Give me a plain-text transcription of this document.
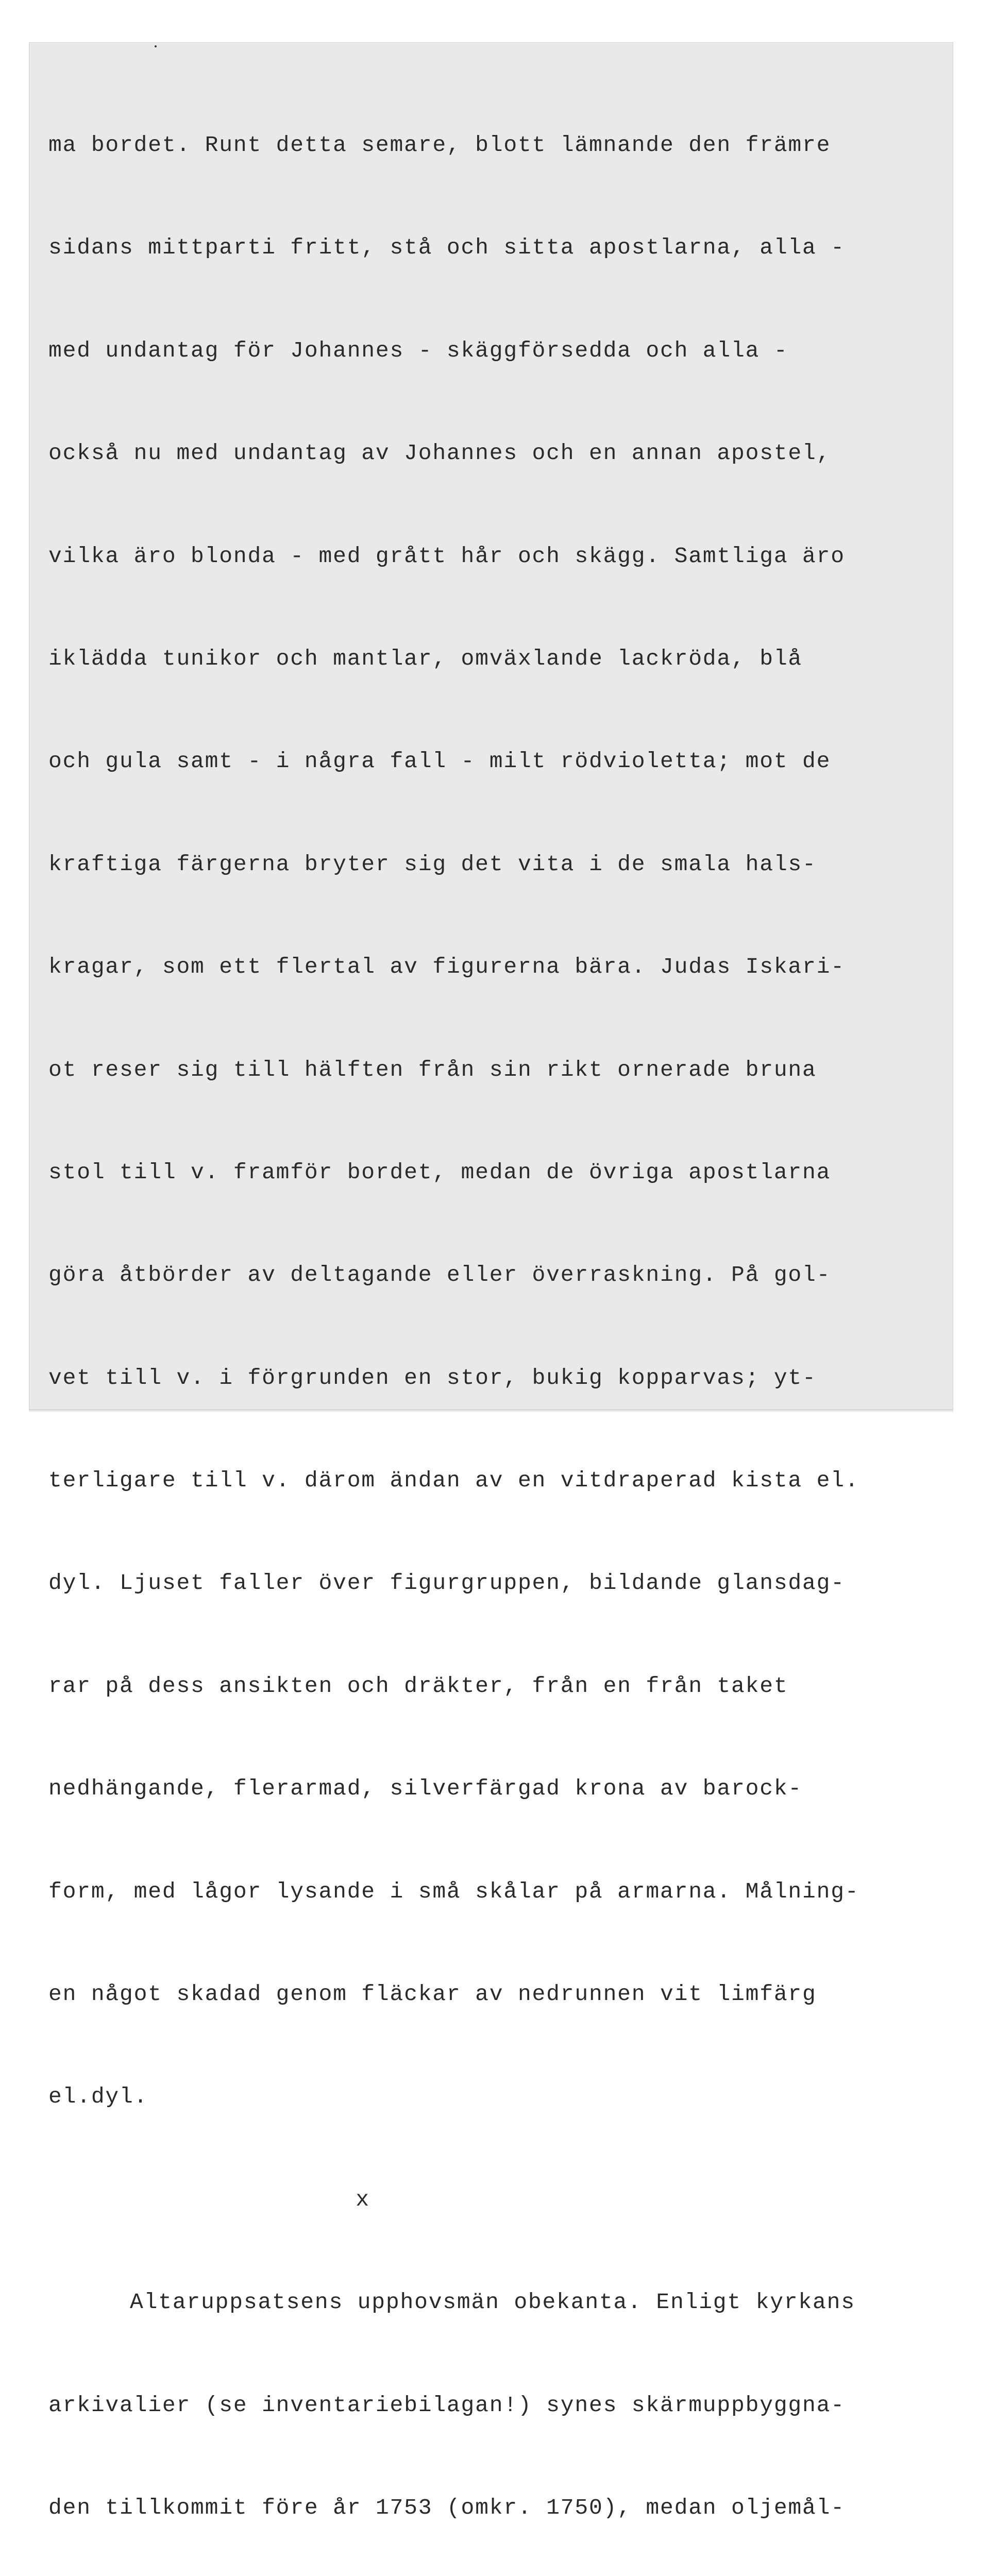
ma bordet. Runt detta semare, blott lämnande den främre

sidans mittparti fritt, stå och sitta apostlarna, alla -

med undantag för Johannes - skäggförsedda och alla -

också nu med undantag av Johannes och en annan apostel,

vilka äro blonda - med grått hår och skägg. Samtliga äro

iklädda tunikor och mantlar, omväxlande lackröda, blå

och gula samt - i några fall - milt rödvioletta; mot de

kraftiga färgerna bryter sig det vita i de smala hals-

kragar, som ett flertal av figurerna bära. Judas Iskari-

ot reser sig till hälften från sin rikt ornerade bruna

stol till v. framför bordet, medan de övriga apostlarna

göra åtbörder av deltagande eller överraskning. På gol-

vet till v. i förgrunden en stor, bukig kopparvas; yt-

terligare till v. därom ändan av en vitdraperad kista el.

dyl. Ljuset faller över figurgruppen, bildande glansdag-

rar på dess ansikten och dräkter, från en från taket

nedhängande, flerarmad, silverfärgad krona av barock-

form, med lågor lysande i små skålar på armarna. Målning-

en något skadad genom fläckar av nedrunnen vit limfärg

el.dyl.

x

Altaruppsatsens upphovsmän obekanta. Enligt kyrkans

arkivalier (se inventariebilagan!) synes skärmuppbyggna-

den tillkommit före år 1753 (omkr. 1750), medan oljemål-
